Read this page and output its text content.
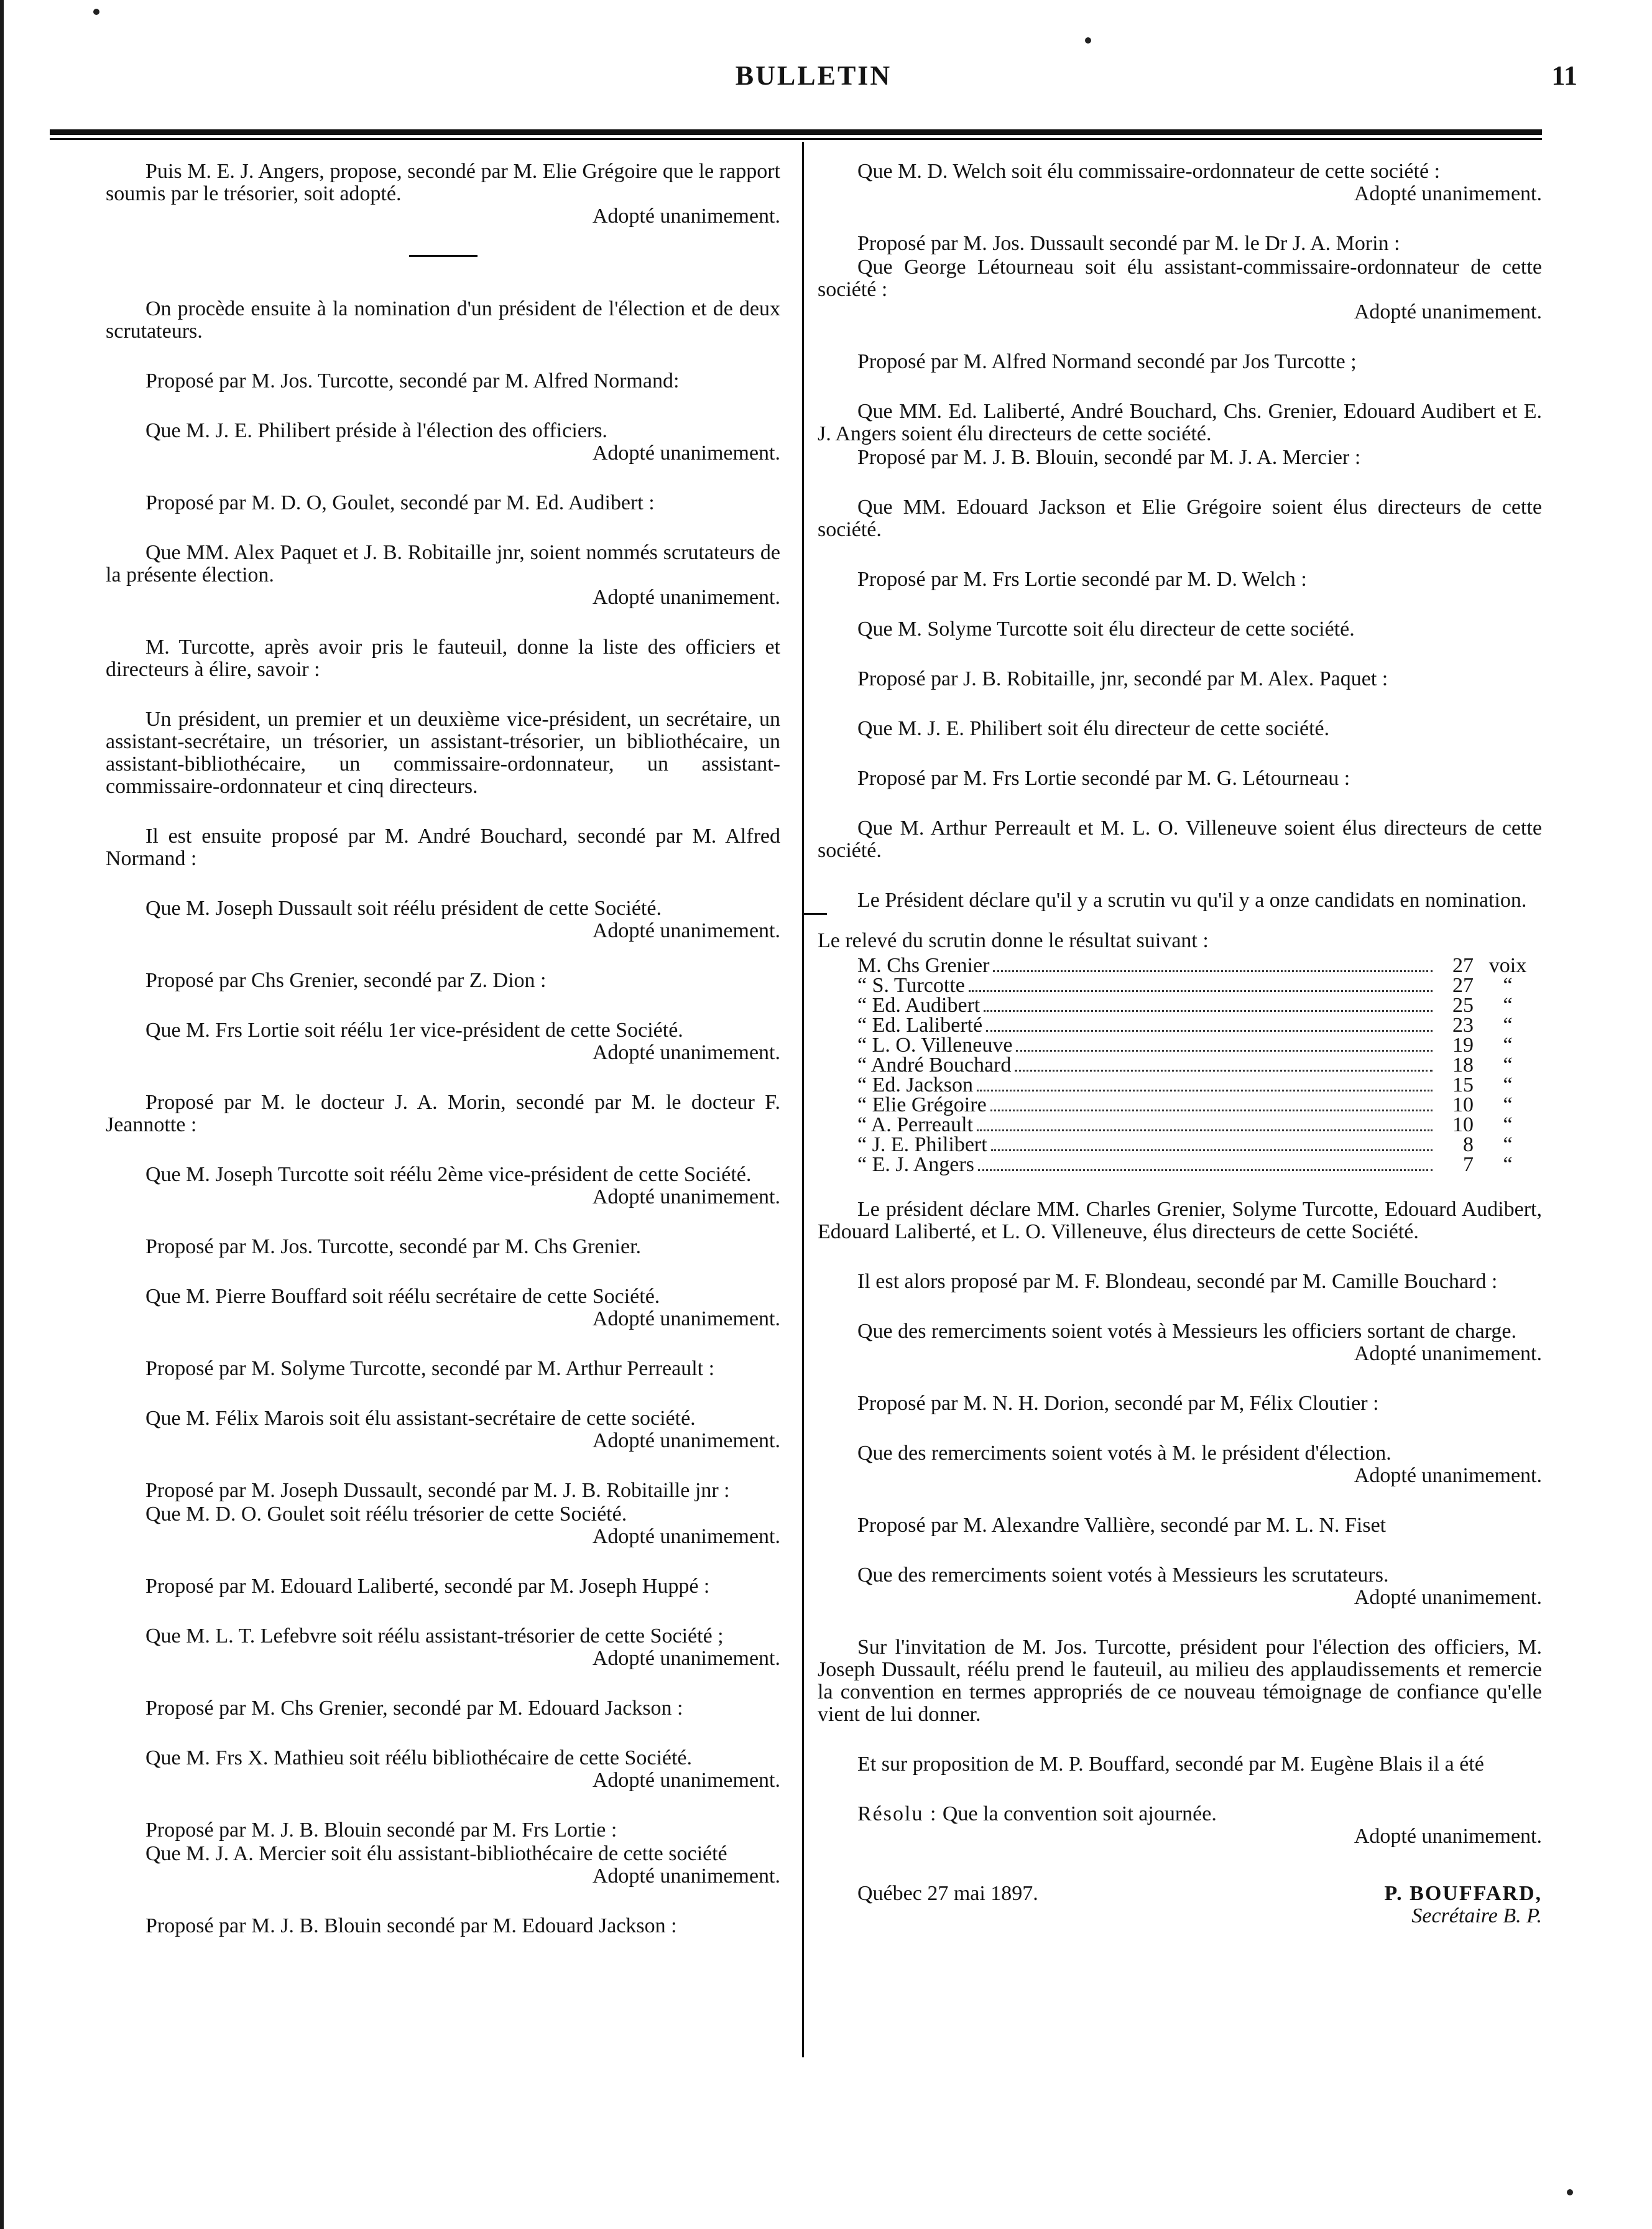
BULLETIN	11

Puis M. E. J. Angers, propose, secondé par M. Elie Grégoire que le rapport soumis par le trésorier, soit adopté.
Adopté unanimement.

On procède ensuite à la nomination d'un président de l'élection et de deux scrutateurs.

Proposé par M. Jos. Turcotte, secondé par M. Alfred Normand:

Que M. J. E. Philibert préside à l'élection des officiers.
Adopté unanimement.

Proposé par M. D. O, Goulet, secondé par M. Ed. Audibert :

Que MM. Alex Paquet et J. B. Robitaille jnr, soient nommés scrutateurs de la présente élection.
Adopté unanimement.

M. Turcotte, après avoir pris le fauteuil, donne la liste des officiers et directeurs à élire, savoir :

Un président, un premier et un deuxième vice-président, un secrétaire, un assistant-secrétaire, un trésorier, un assistant-trésorier, un bibliothécaire, un assistant-bibliothécaire, un commissaire-ordonnateur, un assistant-commissaire-ordonnateur et cinq directeurs.

Il est ensuite proposé par M. André Bouchard, secondé par M. Alfred Normand :

Que M. Joseph Dussault soit réélu président de cette Société.
Adopté unanimement.

Proposé par Chs Grenier, secondé par Z. Dion :

Que M. Frs Lortie soit réélu 1er vice-président de cette Société.
Adopté unanimement.

Proposé par M. le docteur J. A. Morin, secondé par M. le docteur F. Jeannotte :

Que M. Joseph Turcotte soit réélu 2ème vice-président de cette Société.
Adopté unanimement.

Proposé par M. Jos. Turcotte, secondé par M. Chs Grenier.

Que M. Pierre Bouffard soit réélu secrétaire de cette Société.
Adopté unanimement.

Proposé par M. Solyme Turcotte, secondé par M. Arthur Perreault :

Que M. Félix Marois soit élu assistant-secrétaire de cette société.
Adopté unanimement.

Proposé par M. Joseph Dussault, secondé par M. J. B. Robitaille jnr :

Que M. D. O. Goulet soit réélu trésorier de cette Société.
Adopté unanimement.

Proposé par M. Edouard Laliberté, secondé par M. Joseph Huppé :

Que M. L. T. Lefebvre soit réélu assistant-trésorier de cette Société ;
Adopté unanimement.

Proposé par M. Chs Grenier, secondé par M. Edouard Jackson :

Que M. Frs X. Mathieu soit réélu bibliothécaire de cette Société.
Adopté unanimement.

Proposé par M. J. B. Blouin secondé par M. Frs Lortie :

Que M. J. A. Mercier soit élu assistant-bibliothécaire de cette société
Adopté unanimement.

Proposé par M. J. B. Blouin secondé par M. Edouard Jackson :

Que M. D. Welch soit élu commissaire-ordonnateur de cette société :
Adopté unanimement.

Proposé par M. Jos. Dussault secondé par M. le Dr J. A. Morin :

Que George Létourneau soit élu assistant-commissaire-ordonnateur de cette société :
Adopté unanimement.

Proposé par M. Alfred Normand secondé par Jos Turcotte ;

Que MM. Ed. Laliberté, André Bouchard, Chs. Grenier, Edouard Audibert et E. J. Angers soient élu directeurs de cette société.

Proposé par M. J. B. Blouin, secondé par M. J. A. Mercier :

Que MM. Edouard Jackson et Elie Grégoire soient élus directeurs de cette société.

Proposé par M. Frs Lortie secondé par M. D. Welch :

Que M. Solyme Turcotte soit élu directeur de cette société.

Proposé par J. B. Robitaille, jnr, secondé par M. Alex. Paquet :

Que M. J. E. Philibert soit élu directeur de cette société.

Proposé par M. Frs Lortie secondé par M. G. Létourneau :

Que M. Arthur Perreault et M. L. O. Villeneuve soient élus directeurs de cette société.

Le Président déclare qu'il y a scrutin vu qu'il y a onze candidats en nomination.

Le relevé du scrutin donne le résultat suivant :

M. Chs Grenier	27 voix
“ S. Turcotte	27	“
“ Ed. Audibert	25	“
“ Ed. Laliberté	23	“
“ L. O. Villeneuve	19	“
“ André Bouchard	18	“
“ Ed. Jackson	15	“
“ Elie Grégoire	10	“
“ A. Perreault	10	“
“ J. E. Philibert	8	“
“ E. J. Angers	7	“

Le président déclare MM. Charles Grenier, Solyme Turcotte, Edouard Audibert, Edouard Laliberté, et L. O. Villeneuve, élus directeurs de cette Société.

Il est alors proposé par M. F. Blondeau, secondé par M. Camille Bouchard :

Que des remerciments soient votés à Messieurs les officiers sortant de charge.
Adopté unanimement.

Proposé par M. N. H. Dorion, secondé par M, Félix Cloutier :

Que des remerciments soient votés à M. le président d'élection.
Adopté unanimement.

Proposé par M. Alexandre Vallière, secondé par M. L. N. Fiset

Que des remerciments soient votés à Messieurs les scrutateurs.
Adopté unanimement.

Sur l'invitation de M. Jos. Turcotte, président pour l'élection des officiers, M. Joseph Dussault, réélu prend le fauteuil, au milieu des applaudissements et remercie la convention en termes appropriés de ce nouveau témoignage de confiance qu'elle vient de lui donner.

Et sur proposition de M. P. Bouffard, secondé par M. Eugène Blais il a été

Résolu : Que la convention soit ajournée.
Adopté unanimement.

Québec 27 mai 1897.	P. BOUFFARD,
Secrétaire B. P.
